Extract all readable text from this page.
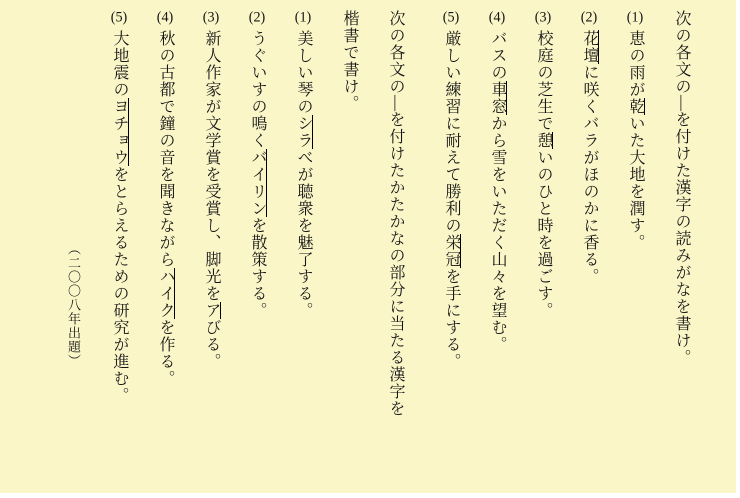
次の各文の—を付けた漢字の読みがなを書け。
(1)恵の雨が乾いた大地を潤す。
(2)花壇に咲くバラがほのかに香る。
(3)校庭の芝生で憩いのひと時を過ごす。
(4)バスの車窓から雪をいただく山々を望む。
(5)厳しい練習に耐えて勝利の栄冠を手にする。
次の各文の—を付けたかたかなの部分に当たる漢字を
楷書で書け。
(1)美しい琴のシラべが聴衆を魅了する。
(2)うぐいすの鳴くバイリンを散策する。
(3)新人作家が文学賞を受賞し、脚光をアびる。
(4)秋の古都で鐘の音を聞きながらハイクを作る。
(5)大地震のヨチョウをとらえるための研究が進む。
（二〇〇八年出題）
